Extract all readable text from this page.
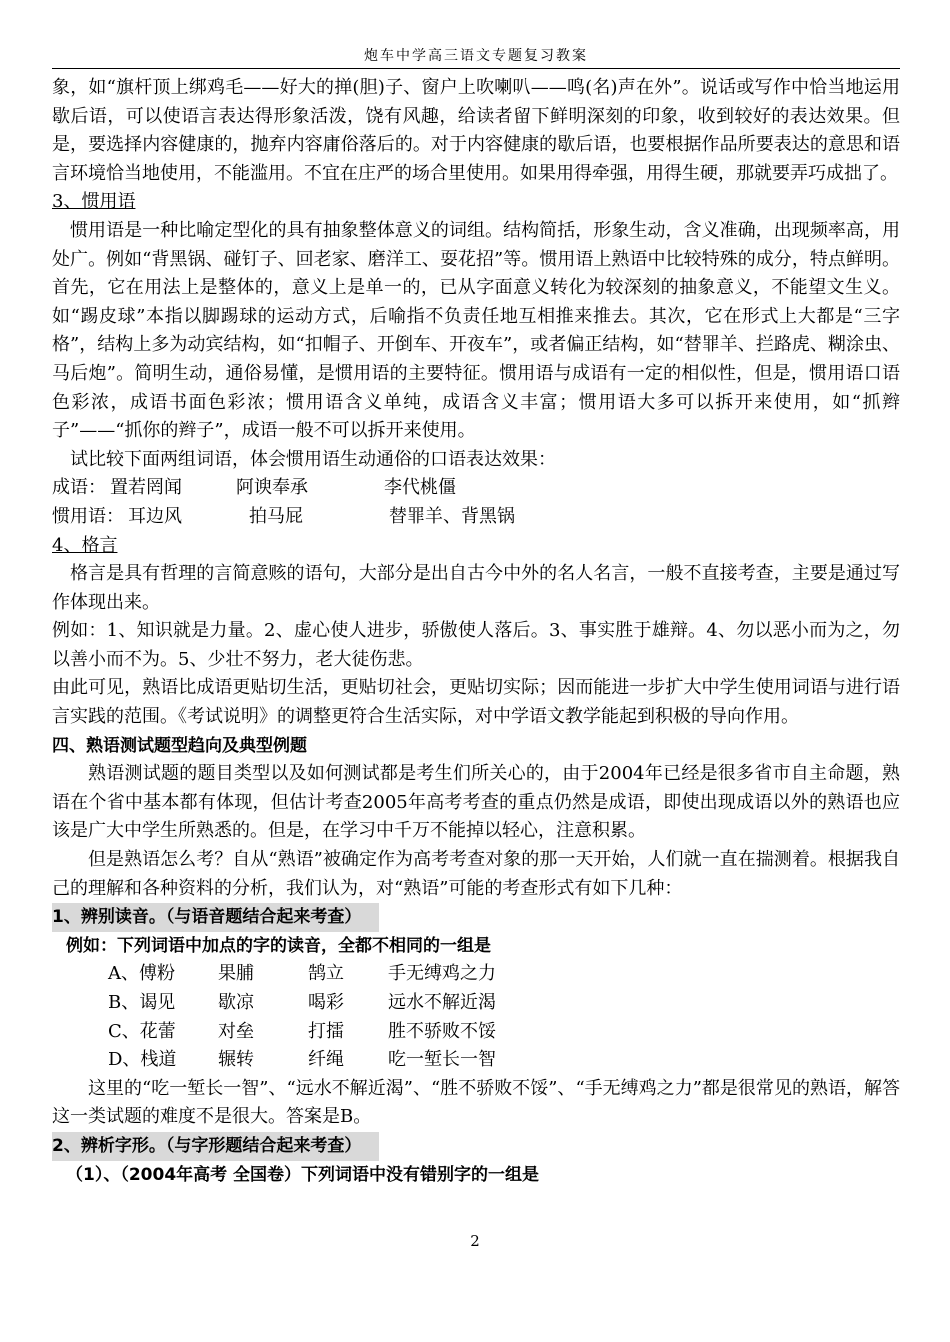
炮车中学高三语文专题复习教案

象，如“旗杆顶上绑鸡毛——好大的掸(胆)子、窗户上吹喇叭——鸣(名)声在外”。说话或写作中恰当地运用歇后语，可以使语言表达得形象活泼，饶有风趣，给读者留下鲜明深刻的印象，收到较好的表达效果。但是，要选择内容健康的，抛弃内容庸俗落后的。对于内容健康的歇后语，也要根据作品所要表达的意思和语言环境恰当地使用，不能滥用。不宜在庄严的场合里使用。如果用得牵强，用得生硬，那就要弄巧成拙了。

3、惯用语

惯用语是一种比喻定型化的具有抽象整体意义的词组。结构简括，形象生动，含义准确，出现频率高，用处广。例如“背黑锅、碰钉子、回老家、磨洋工、耍花招”等。惯用语上熟语中比较特殊的成分，特点鲜明。首先，它在用法上是整体的，意义上是单一的，已从字面意义转化为较深刻的抽象意义，不能望文生义。如“踢皮球”本指以脚踢球的运动方式，后喻指不负责任地互相推来推去。其次，它在形式上大都是“三字格”，结构上多为动宾结构，如“扣帽子、开倒车、开夜车”，或者偏正结构，如“替罪羊、拦路虎、糊涂虫、马后炮”。简明生动，通俗易懂，是惯用语的主要特征。惯用语与成语有一定的相似性，但是，惯用语口语色彩浓，成语书面色彩浓；惯用语含义单纯，成语含义丰富；惯用语大多可以拆开来使用，如“抓辫子”——“抓你的辫子”，成语一般不可以拆开来使用。

试比较下面两组词语，体会惯用语生动通俗的口语表达效果：

成语： 置若罔闻	阿谀奉承	李代桃僵
惯用语： 耳边风	拍马屁	替罪羊、背黑锅

4、格言

格言是具有哲理的言简意赅的语句，大部分是出自古今中外的名人名言，一般不直接考查，主要是通过写作体现出来。

例如：1、知识就是力量。2、虚心使人进步，骄傲使人落后。3、事实胜于雄辩。4、勿以恶小而为之，勿以善小而不为。5、少壮不努力，老大徒伤悲。

由此可见，熟语比成语更贴切生活，更贴切社会，更贴切实际；因而能进一步扩大中学生使用词语与进行语言实践的范围。《考试说明》的调整更符合生活实际，对中学语文教学能起到积极的导向作用。

四、熟语测试题型趋向及典型例题

熟语测试题的题目类型以及如何测试都是考生们所关心的，由于2004年已经是很多省市自主命题，熟语在个省中基本都有体现，但估计考查2005年高考考查的重点仍然是成语，即使出现成语以外的熟语也应该是广大中学生所熟悉的。但是，在学习中千万不能掉以轻心，注意积累。

但是熟语怎么考？自从“熟语”被确定作为高考考查对象的那一天开始，人们就一直在揣测着。根据我自己的理解和各种资料的分析，我们认为，对“熟语”可能的考查形式有如下几种：

1、辨别读音。（与语音题结合起来考查）

例如：下列词语中加点的字的读音，全都不相同的一组是

A、傅粉	果脯	鹄立	手无缚鸡之力
B、谒见	歇凉	喝彩	远水不解近渴
C、花蕾	对垒	打擂	胜不骄败不馁
D、栈道	辗转	纤绳	吃一堑长一智

这里的“吃一堑长一智”、“远水不解近渴”、“胜不骄败不馁”、“手无缚鸡之力”都是很常见的熟语，解答这一类试题的难度不是很大。答案是B。

2、辨析字形。（与字形题结合起来考查）

（1）、（2004年高考 全国卷）下列词语中没有错别字的一组是

2
